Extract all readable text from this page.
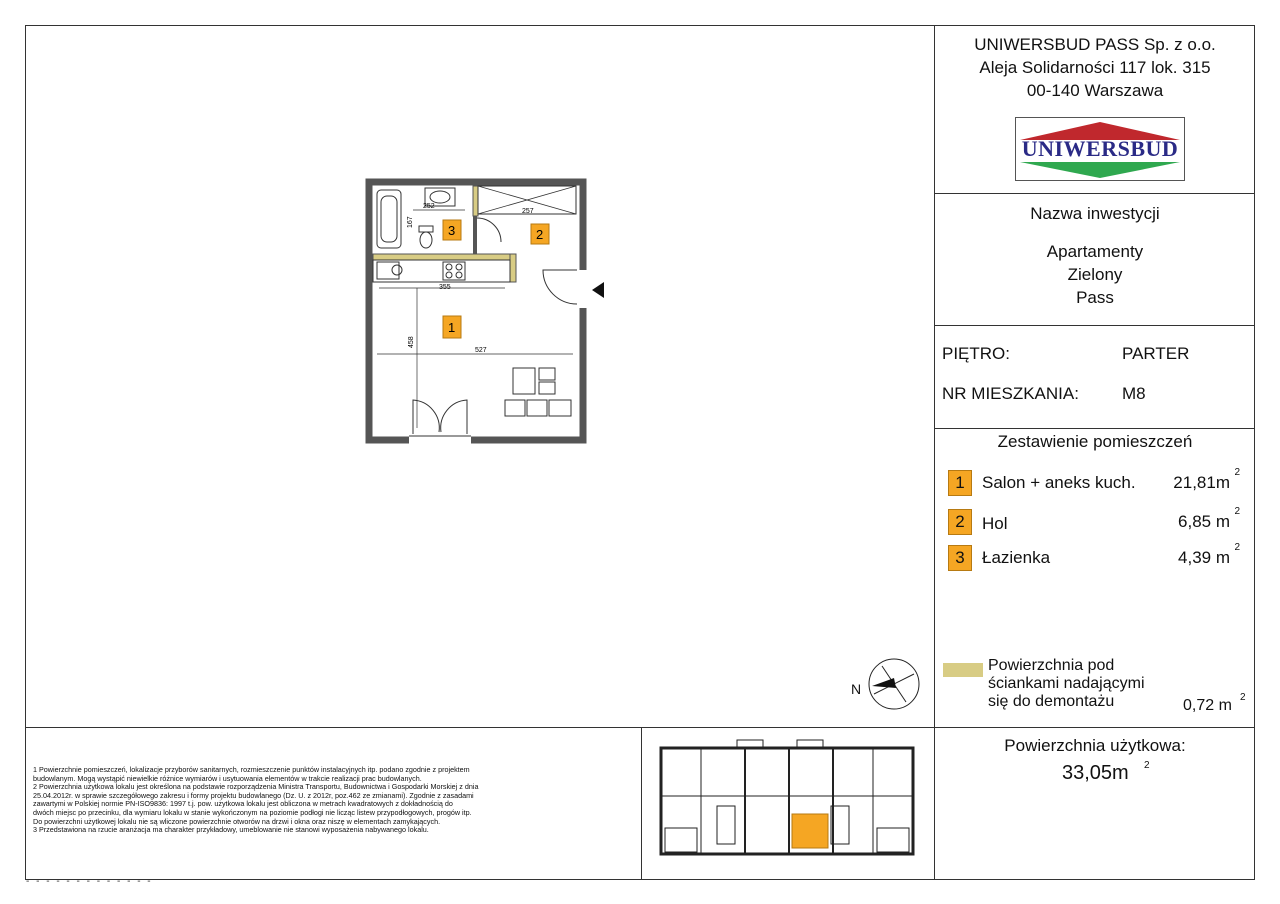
UNIWERSBUD PASS Sp. z o.o.
Aleja Solidarności 117 lok. 315
00-140 Warszawa
UNIWERSBUD
Nazwa inwestycji
Apartamenty
Zielony
Pass
PIĘTRO:	PARTER
NR MIESZKANIA:	M8
Zestawienie pomieszczeń
1	Salon + aneks kuch. 21,81m
2
2	Hol	6,85 m
2
3	Łazienka	4,39 m
2
Powierzchnia pod
ściankami nadającymi
się do demontażu	0,72 m 2
Powierzchnia użytkowa:
33,05m 2
1 Powierzchnie pomieszczeń, lokalizacje przyborów sanitarnych, rozmieszczenie punktów instalacyjnych itp. podano zgodnie z projektem
budowlanym. Mogą wystąpić niewielkie różnice wymiarów i usytuowania elementów w trakcie realizacji prac budowlanych.
2 Powierzchnia użytkowa lokalu jest określona na podstawie rozporządzenia Ministra Transportu, Budownictwa i Gospodarki Morskiej z dnia
25.04.2012r. w sprawie szczegółowego zakresu i formy projektu budowlanego (Dz. U. z 2012r, poz.462 ze zmianami). Zgodnie z zasadami
zawartymi w Polskiej normie PN-ISO9836: 1997 t.j. pow. użytkowa lokalu jest obliczona w metrach kwadratowych z dokładnością do
dwóch miejsc po przecinku, dla wymiaru lokalu w stanie wykończonym na poziomie podłogi nie licząc listew przypodłogowych, progów itp.
Do powierzchni użytkowej lokalu nie są wliczone powierzchnie otworów na drzwi i okna oraz niszę w elementach zamykających.
3 Przedstawiona na rzucie aranżacja ma charakter przykładowy, umeblowanie nie stanowi wyposażenia nabywanego lokalu.
N
252
167
257
355
458
527
3	2
1
- - - - - - - - - - - - -
